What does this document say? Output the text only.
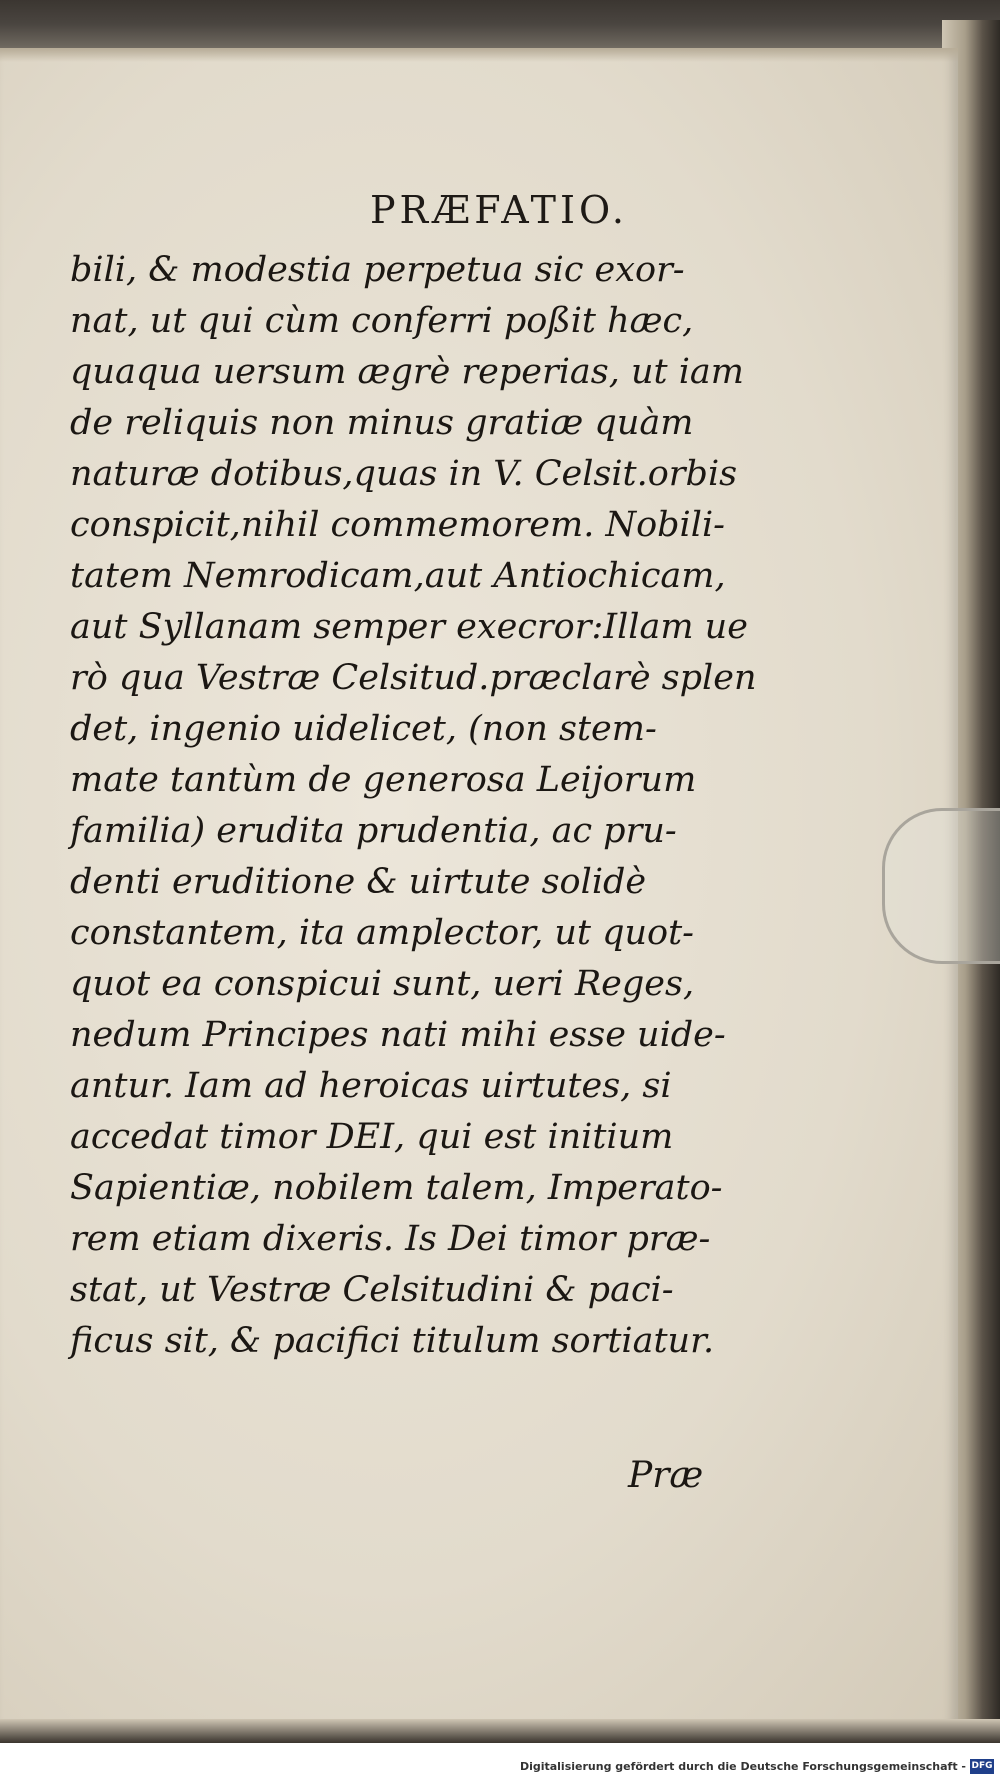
PRÆFATIO.
bili, & modestia perpetua sic exor-
nat, ut qui cùm conferri poßit hæc,
quaqua uersum ægrè reperias, ut iam
de reliquis non minus gratiæ quàm
naturæ dotibus,quas in V. Celsit.orbis
conspicit,nihil commemorem. Nobili-
tatem Nemrodicam,aut Antiochicam,
aut Syllanam semper execror:Illam ue
rò qua Vestræ Celsitud.præclarè splen
det, ingenio uidelicet, (non stem-
mate tantùm de generosa Leijorum
familia) erudita prudentia, ac pru-
denti eruditione & uirtute solidè
constantem, ita amplector, ut quot-
quot ea conspicui sunt, ueri Reges,
nedum Principes nati mihi esse uide-
antur. Iam ad heroicas uirtutes, si
accedat timor DEI, qui est initium
Sapientiæ, nobilem talem, Imperato-
rem etiam dixeris. Is Dei timor præ-
stat, ut Vestræ Celsitudini & paci-
ficus sit, & pacifici titulum sortiatur.
Præ
Digitalisierung gefördert durch die Deutsche Forschungsgemeinschaft - DFG
